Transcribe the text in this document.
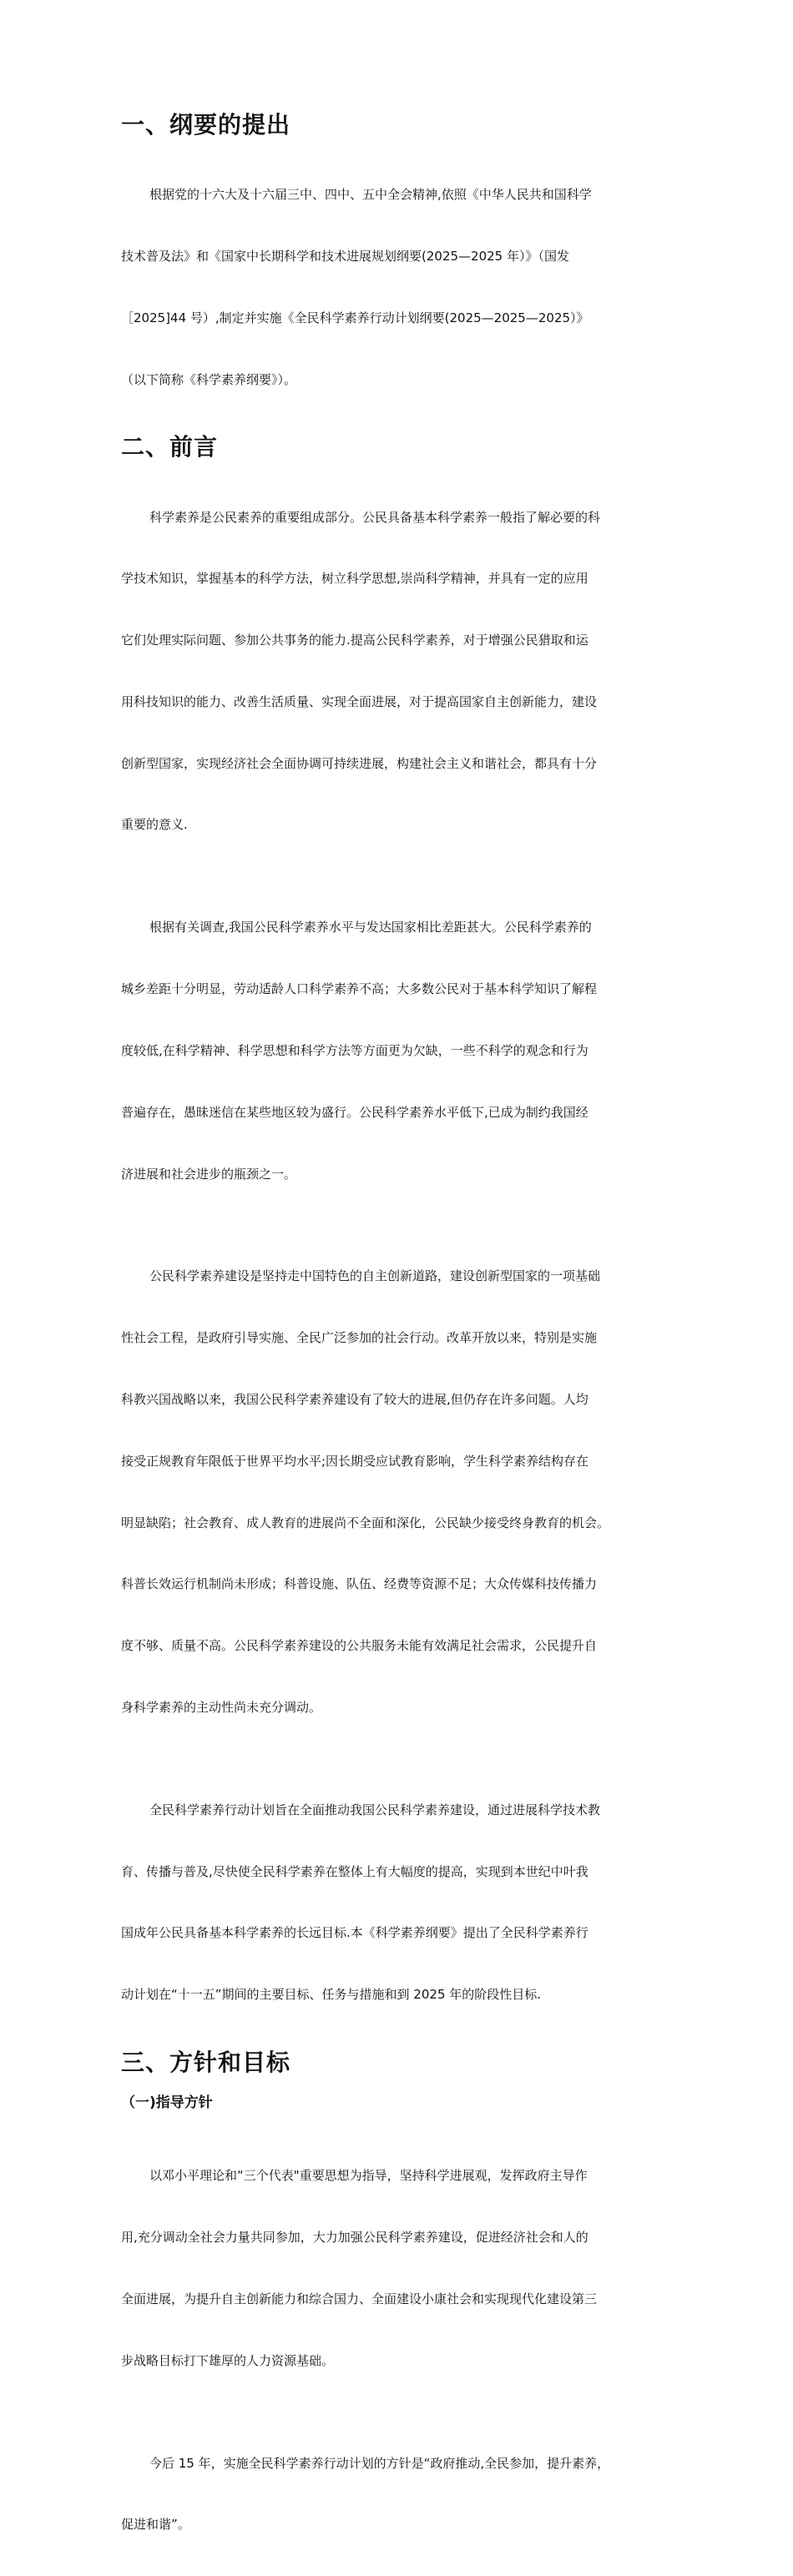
一、纲要的提出

根据党的十六大及十六届三中、四中、五中全会精神,依照《中华人民共和国科学

技术普及法》和《国家中长期科学和技术进展规划纲要(2025—2025 年）》（国发

［2025]44 号）,制定并实施《全民科学素养行动计划纲要(2025—2025—2025）》

（以下简称《科学素养纲要》）。

二、前言

科学素养是公民素养的重要组成部分。公民具备基本科学素养一般指了解必要的科

学技术知识，掌握基本的科学方法，树立科学思想,崇尚科学精神，并具有一定的应用

它们处理实际问题、参加公共事务的能力.提高公民科学素养，对于增强公民猎取和运

用科技知识的能力、改善生活质量、实现全面进展，对于提高国家自主创新能力，建设

创新型国家，实现经济社会全面协调可持续进展，构建社会主义和谐社会，都具有十分

重要的意义.

根据有关调查,我国公民科学素养水平与发达国家相比差距甚大。公民科学素养的

城乡差距十分明显，劳动适龄人口科学素养不高；大多数公民对于基本科学知识了解程

度较低,在科学精神、科学思想和科学方法等方面更为欠缺，一些不科学的观念和行为

普遍存在，愚昧迷信在某些地区较为盛行。公民科学素养水平低下,已成为制约我国经

济进展和社会进步的瓶颈之一。

公民科学素养建设是坚持走中国特色的自主创新道路，建设创新型国家的一项基础

性社会工程，是政府引导实施、全民广泛参加的社会行动。改革开放以来，特别是实施

科教兴国战略以来，我国公民科学素养建设有了较大的进展,但仍存在许多问题。人均

接受正规教育年限低于世界平均水平;因长期受应试教育影响，学生科学素养结构存在

明显缺陷；社会教育、成人教育的进展尚不全面和深化，公民缺少接受终身教育的机会。

科普长效运行机制尚未形成；科普设施、队伍、经费等资源不足；大众传媒科技传播力

度不够、质量不高。公民科学素养建设的公共服务未能有效满足社会需求，公民提升自

身科学素养的主动性尚未充分调动。

全民科学素养行动计划旨在全面推动我国公民科学素养建设，通过进展科学技术教

育、传播与普及,尽快使全民科学素养在整体上有大幅度的提高，实现到本世纪中叶我

国成年公民具备基本科学素养的长远目标.本《科学素养纲要》提出了全民科学素养行

动计划在“十一五”期间的主要目标、任务与措施和到 2025 年的阶段性目标.

三、方针和目标
（一)指导方针

以邓小平理论和“三个代表"重要思想为指导，坚持科学进展观，发挥政府主导作

用,充分调动全社会力量共同参加，大力加强公民科学素养建设，促进经济社会和人的

全面进展，为提升自主创新能力和综合国力、全面建设小康社会和实现现代化建设第三

步战略目标打下雄厚的人力资源基础。

今后 15 年，实施全民科学素养行动计划的方针是“政府推动,全民参加，提升素养，

促进和谐”。
